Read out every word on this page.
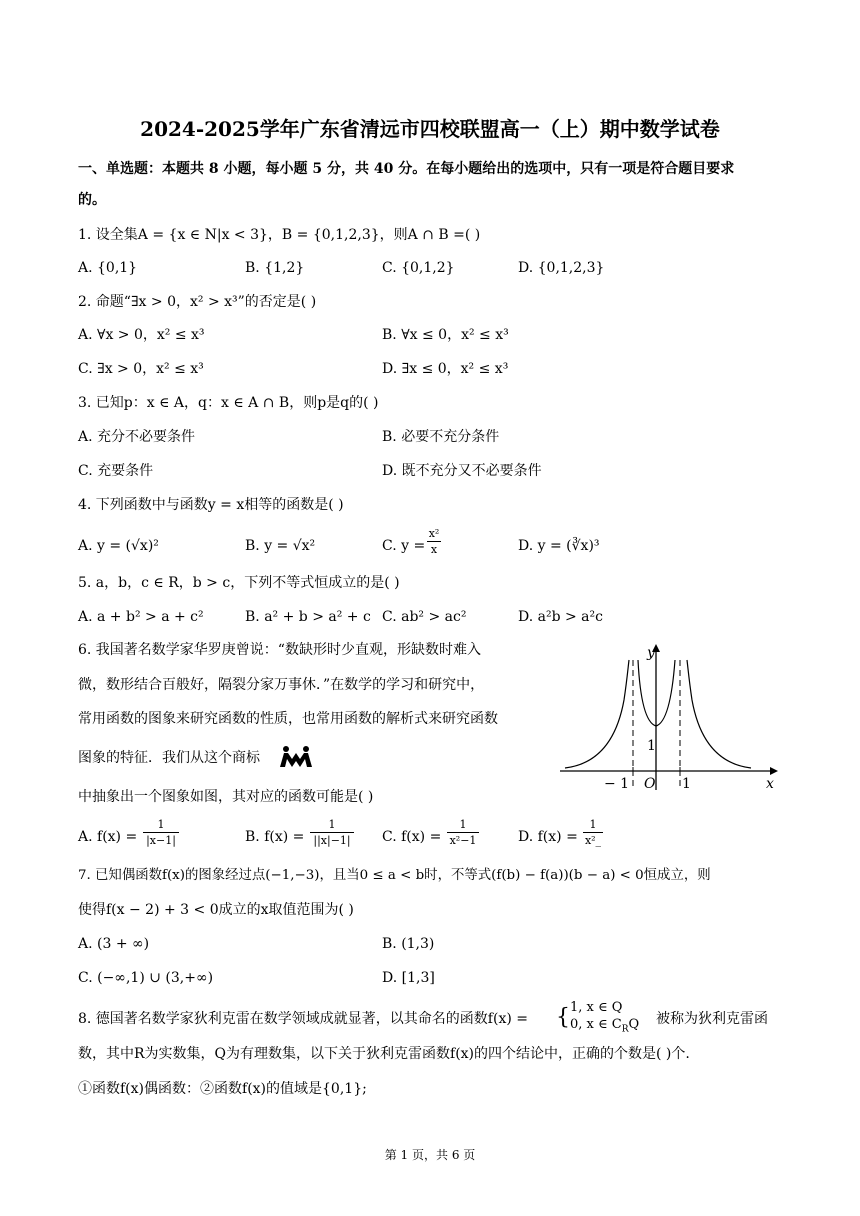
2024-2025学年广东省清远市四校联盟高一（上）期中数学试卷
一、单选题：本题共 8 小题，每小题 5 分，共 40 分。在每小题给出的选项中，只有一项是符合题目要求
的。
1. 设全集A = {x ∈ N|x < 3}，B = {0,1,2,3}，则A ∩ B =( )
A. {0,1}	B. {1,2}	C. {0,1,2}	D. {0,1,2,3}
2. 命题“∃x > 0，x² > x³”的否定是( )
A. ∀x > 0，x² ≤ x³	B. ∀x ≤ 0，x² ≤ x³
C. ∃x > 0，x² ≤ x³	D. ∃x ≤ 0，x² ≤ x³
3. 已知p：x ∈ A，q：x ∈ A ∩ B，则p是q的( )
A. 充分不必要条件	B. 必要不充分条件
C. 充要条件	D. 既不充分又不必要条件
4. 下列函数中与函数y = x相等的函数是( )
A. y = (√x)²	B. y = √x²	C. y =
x²
x	D. y = (∛x)³
5. a，b，c ∈ R，b > c，下列不等式恒成立的是( )
A. a + b² > a + c²	B. a² + b > a² + c C. ab² > ac²	D. a²b > a²c
6. 我国著名数学家华罗庚曾说：“数缺形时少直观，形缺数时难入
微，数形结合百般好，隔裂分家万事休．”在数学的学习和研究中，
常用函数的图象来研究函数的性质，也常用函数的解析式来研究函数
图象的特征．我们从这个商标
中抽象出一个图象如图，其对应的函数可能是( )
y
x
O
− 1	1
1
A. f(x) =
1
|x−1|	B. f(x) =
1
||x|−1| C. f(x) =
1
x²−1	D. f(x) =
1
x²_
7. 已知偶函数f(x)的图象经过点(−1,−3)，且当0 ≤ a < b时，不等式(f(b) − f(a))(b − a) < 0恒成立，则
使得f(x − 2) + 3 < 0成立的x取值范围为( )
A. (3 + ∞)	B. (1,3)
C. (−∞,1) ∪ (3,+∞)	D. [1,3]
8. 德国著名数学家狄利克雷在数学领域成就显著，以其命名的函数f(x) = { 1, x ∈ Q
0, x ∈ $C_RQ$ 被称为狄利克雷函
数，其中R为实数集，Q为有理数集，以下关于狄利克雷函数f(x)的四个结论中，正确的个数是( )个.
①函数f(x)偶函数：②函数f(x)的值域是{0,1};
第 1 页，共 6 页
